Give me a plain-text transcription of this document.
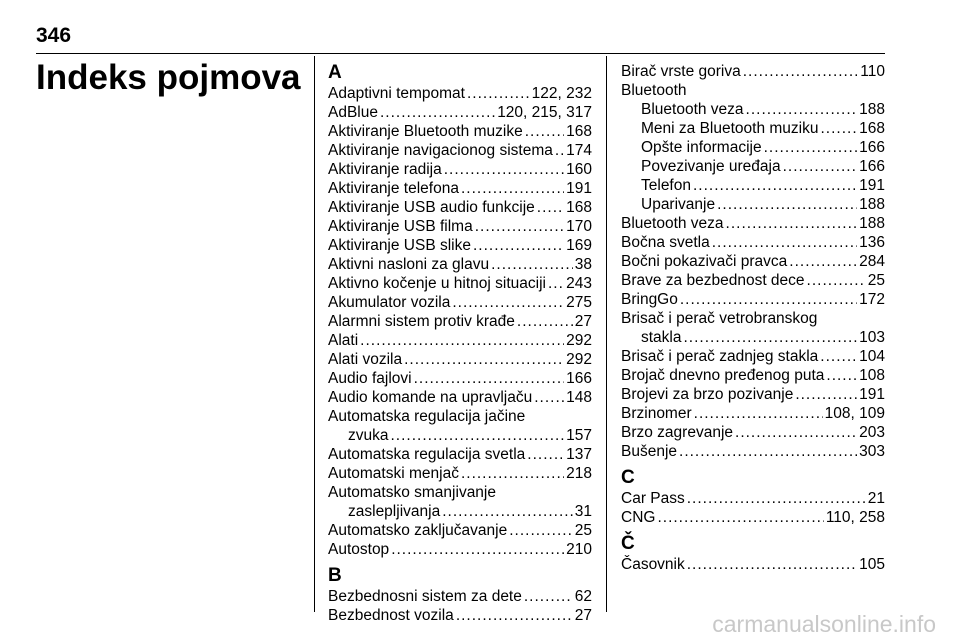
346
Indeks pojmova A
Adaptivni tempomat .....	122, 232
AdBlue .....	120, 215, 317
Aktiviranje Bluetooth muzike .....	168
Aktiviranje navigacionog sistema ..... 174
Aktiviranje radija .....	160
Aktiviranje telefona .....	191
Aktiviranje USB audio funkcije ..... 168
Aktiviranje USB filma .....	170
Aktiviranje USB slike .....	169
Aktivni nasloni za glavu .....	38
Aktivno kočenje u hitnoj situaciji ..... 243
Akumulator vozila .....	275
Alarmni sistem protiv krađe .....	27
Alati .....	292
Alati vozila .....	292
Audio fajlovi .....	166
Audio komande na upravljaču ..... 148
Automatska regulacija jačine
zvuka .....	157
Automatska regulacija svetla .....	137
Automatski menjač .....	218
Automatsko smanjivanje
zaslepljivanja .....	31
Automatsko zaključavanje .....	25
Autostop .....	210
B
Bezbednosni sistem za dete .....	62
Bezbednost vozila .....	27
Birač vrste goriva .....	110
Bluetooth
Bluetooth veza .....	188
Meni za Bluetooth muziku .....	168
Opšte informacije .....	166
Povezivanje uređaja .....	166
Telefon .....	191
Uparivanje .....	188
Bluetooth veza .....	188
Bočna svetla .....	136
Bočni pokazivači pravca .....	284
Brave za bezbednost dece .....	25
BringGo .....	172
Brisač i perač vetrobranskog
stakla .....	103
Brisač i perač zadnjeg stakla .....	104
Brojač dnevno pređenog puta ..... 108
Brojevi za brzo pozivanje .....	191
Brzinomer .....	108, 109
Brzo zagrevanje .....	203
Bušenje .....	303
C
Car Pass .....	21
CNG .....	110, 258
Č
Časovnik .....	105
carmanualsonline.info
